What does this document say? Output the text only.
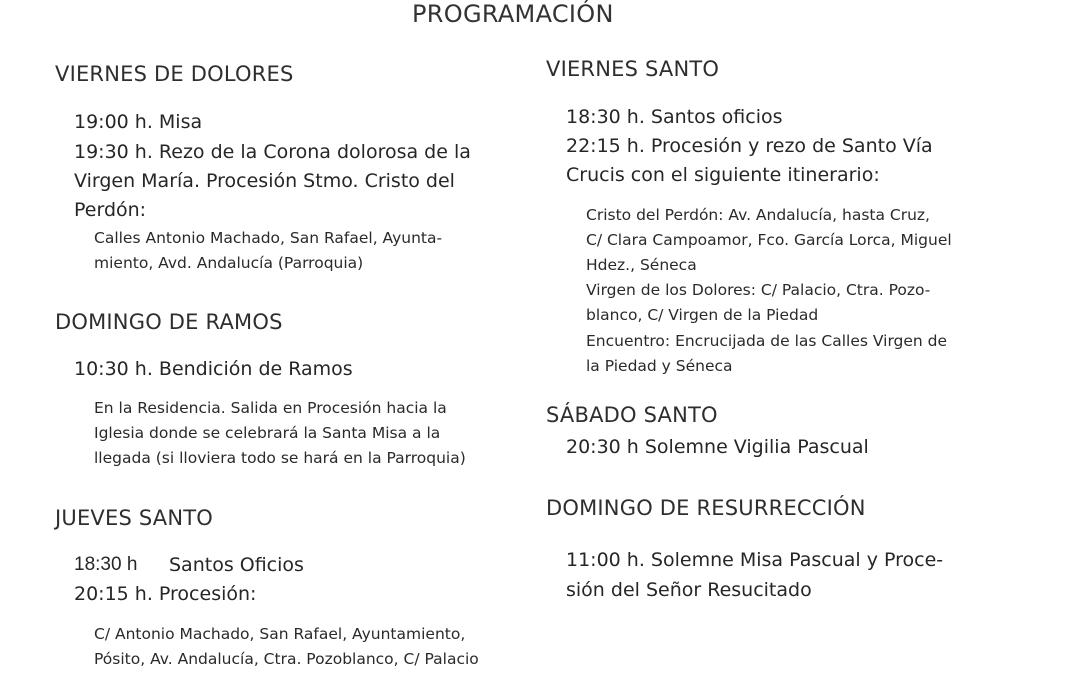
PROGRAMACIÓN
VIERNES DE DOLORES
19:00 h. Misa
19:30 h. Rezo de la Corona dolorosa de la
Virgen María. Procesión Stmo. Cristo del
Perdón:
Calles Antonio Machado, San Rafael, Ayunta-
miento, Avd. Andalucía (Parroquia)
DOMINGO DE RAMOS
10:30 h. Bendición de Ramos
En la Residencia. Salida en Procesión hacia la
Iglesia donde se celebrará la Santa Misa a la
llegada (si lloviera todo se hará en la Parroquia)
JUEVES SANTO
18:30 h Santos Oficios
20:15 h. Procesión:
C/ Antonio Machado, San Rafael, Ayuntamiento,
Pósito, Av. Andalucía, Ctra. Pozoblanco, C/ Palacio
VIERNES SANTO
18:30 h. Santos oficios
22:15 h. Procesión y rezo de Santo Vía
Crucis con el siguiente itinerario:
Cristo del Perdón: Av. Andalucía, hasta Cruz,
C/ Clara Campoamor, Fco. García Lorca, Miguel
Hdez., Séneca
Virgen de los Dolores: C/ Palacio, Ctra. Pozo-
blanco, C/ Virgen de la Piedad
Encuentro: Encrucijada de las Calles Virgen de
la Piedad y Séneca
SÁBADO SANTO
20:30 h Solemne Vigilia Pascual
DOMINGO DE RESURRECCIÓN
11:00 h. Solemne Misa Pascual y Proce-
sión del Señor Resucitado
